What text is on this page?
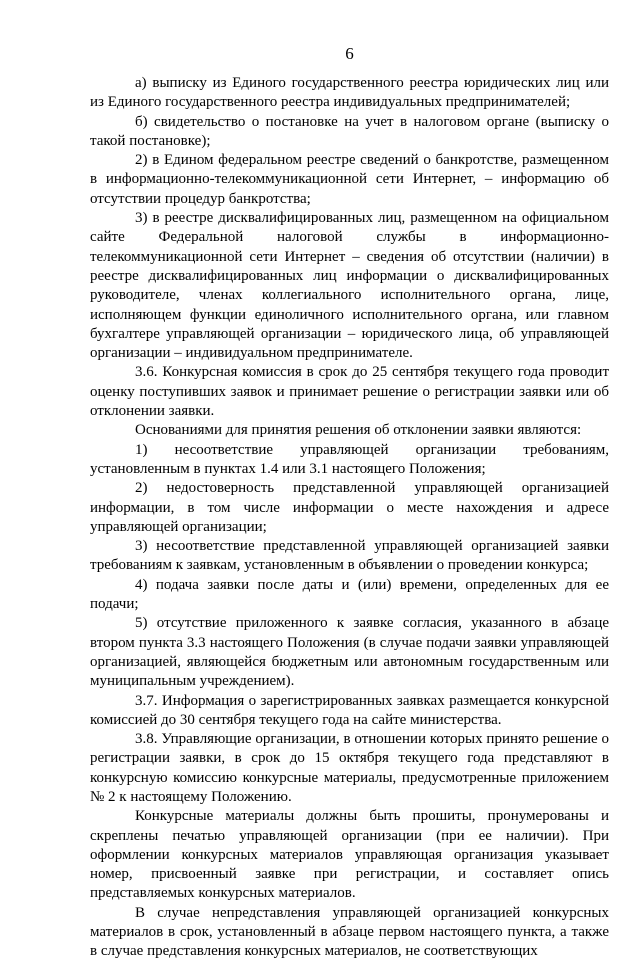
6

а) выписку из Единого государственного реестра юридических лиц или из Единого государственного реестра индивидуальных предпринимателей;

б) свидетельство о постановке на учет в налоговом органе (выписку о такой постановке);

2) в Едином федеральном реестре сведений о банкротстве, размещенном в информационно-телекоммуникационной сети Интернет, – информацию об отсутствии процедур банкротства;

3) в реестре дисквалифицированных лиц, размещенном на официальном сайте Федеральной налоговой службы в информационно-телекоммуникационной сети Интернет – сведения об отсутствии (наличии) в реестре дисквалифицированных лиц информации о дисквалифицированных руководителе, членах коллегиального исполнительного органа, лице, исполняющем функции единоличного исполнительного органа, или главном бухгалтере управляющей организации – юридического лица, об управляющей организации – индивидуальном предпринимателе.

3.6. Конкурсная комиссия в срок до 25 сентября текущего года проводит оценку поступивших заявок и принимает решение о регистрации заявки или об отклонении заявки.

Основаниями для принятия решения об отклонении заявки являются:

1) несоответствие управляющей организации требованиям, установленным в пунктах 1.4 или 3.1 настоящего Положения;

2) недостоверность представленной управляющей организацией информации, в том числе информации о месте нахождения и адресе управляющей организации;

3) несоответствие представленной управляющей организацией заявки требованиям к заявкам, установленным в объявлении о проведении конкурса;

4) подача заявки после даты и (или) времени, определенных для ее подачи;

5) отсутствие приложенного к заявке согласия, указанного в абзаце втором пункта 3.3 настоящего Положения (в случае подачи заявки управляющей организацией, являющейся бюджетным или автономным государственным или муниципальным учреждением).

3.7. Информация о зарегистрированных заявках размещается конкурсной комиссией до 30 сентября текущего года на сайте министерства.

3.8. Управляющие организации, в отношении которых принято решение о регистрации заявки, в срок до 15 октября текущего года представляют в конкурсную комиссию конкурсные материалы, предусмотренные приложением № 2 к настоящему Положению.

Конкурсные материалы должны быть прошиты, пронумерованы и скреплены печатью управляющей организации (при ее наличии). При оформлении конкурсных материалов управляющая организация указывает номер, присвоенный заявке при регистрации, и составляет опись представляемых конкурсных материалов.

В случае непредставления управляющей организацией конкурсных материалов в срок, установленный в абзаце первом настоящего пункта, а также в случае представления конкурсных материалов, не соответствующих
